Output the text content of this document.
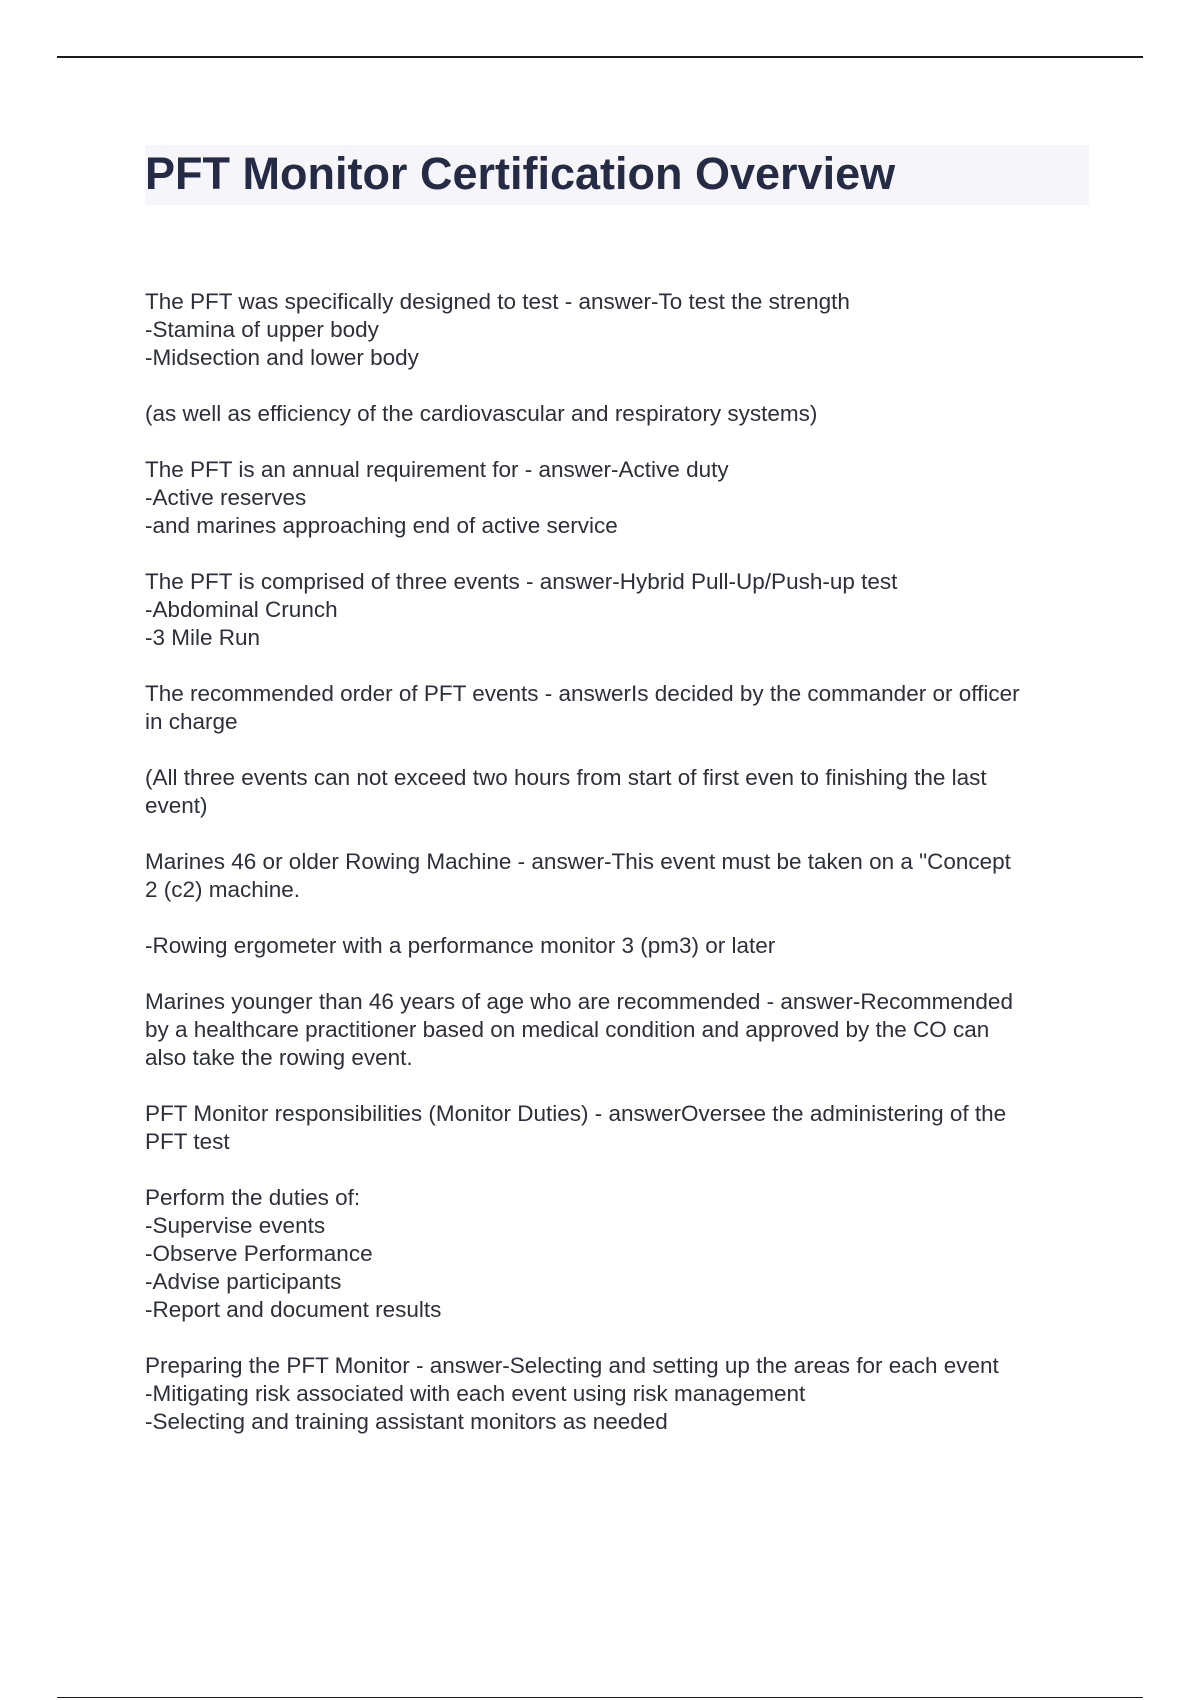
PFT Monitor Certification Overview
The PFT was specifically designed to test - answer-To test the strength
-Stamina of upper body
-Midsection and lower body
(as well as efficiency of the cardiovascular and respiratory systems)
The PFT is an annual requirement for - answer-Active duty
-Active reserves
-and marines approaching end of active service
The PFT is comprised of three events - answer-Hybrid Pull-Up/Push-up test
-Abdominal Crunch
-3 Mile Run
The recommended order of PFT events - answerIs decided by the commander or officer
in charge
(All three events can not exceed two hours from start of first even to finishing the last
event)
Marines 46 or older Rowing Machine - answer-This event must be taken on a "Concept
2 (c2) machine.
-Rowing ergometer with a performance monitor 3 (pm3) or later
Marines younger than 46 years of age who are recommended - answer-Recommended
by a healthcare practitioner based on medical condition and approved by the CO can
also take the rowing event.
PFT Monitor responsibilities (Monitor Duties) - answerOversee the administering of the
PFT test
Perform the duties of:
-Supervise events
-Observe Performance
-Advise participants
-Report and document results
Preparing the PFT Monitor - answer-Selecting and setting up the areas for each event
-Mitigating risk associated with each event using risk management
-Selecting and training assistant monitors as needed
